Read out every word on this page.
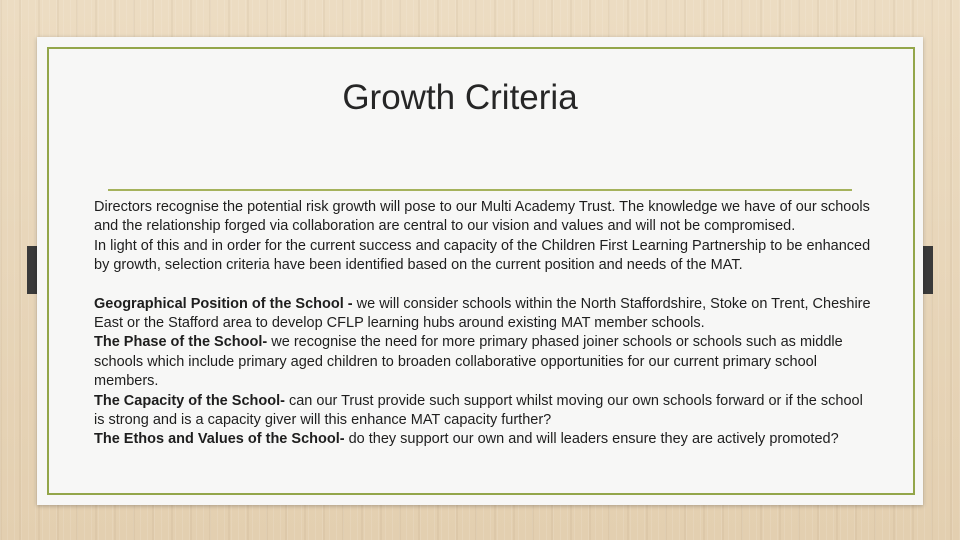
Growth Criteria

Directors recognise the potential risk growth will pose to our Multi Academy Trust. The knowledge we have of our schools and the relationship forged via collaboration are central to our vision and values and will not be compromised.

In light of this and in order for the current success and capacity of the Children First Learning Partnership to be enhanced by growth, selection criteria have been identified based on the current position and needs of the MAT.

Geographical Position of the School - we will consider schools within the North Staffordshire, Stoke on Trent, Cheshire East or the Stafford area to develop CFLP learning hubs around existing MAT member schools.

The Phase of the School- we recognise the need for more primary phased joiner schools or schools such as middle schools which include primary aged children to broaden collaborative opportunities for our current primary school members.

The Capacity of the School- can our Trust provide such support whilst moving our own schools forward or if the school is strong and is a capacity giver will this enhance MAT capacity further?

The Ethos and Values of the School- do they support our own and will leaders ensure they are actively promoted?
